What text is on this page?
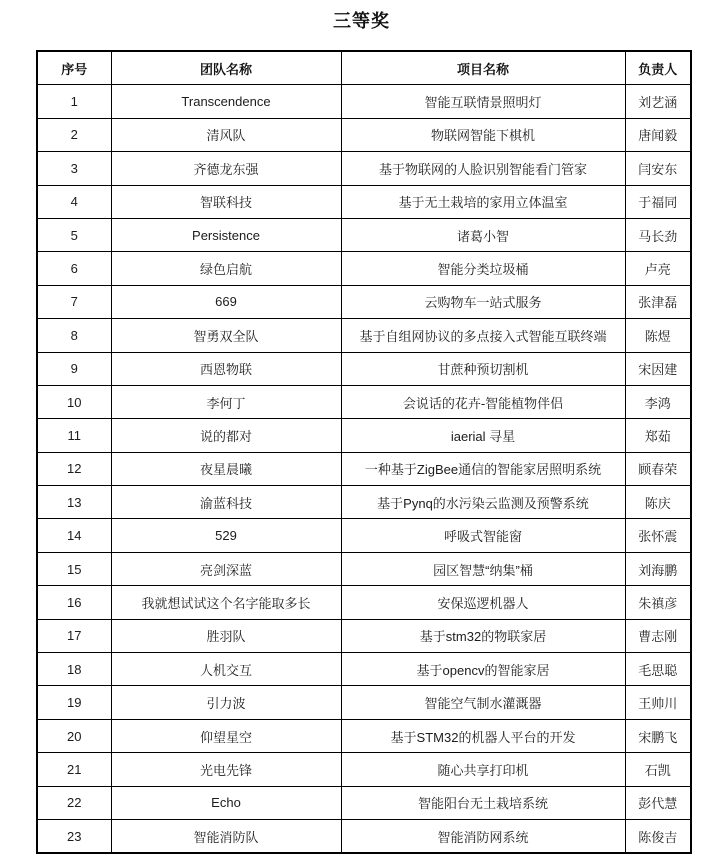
三等奖
序号	团队名称	项目名称	负责人
1	Transcendence	智能互联情景照明灯	刘艺涵
2	清风队	物联网智能下棋机	唐闻毅
3	齐德龙东强	基于物联网的人脸识别智能看门管家	闫安东
4	智联科技	基于无土栽培的家用立体温室	于福同
5	Persistence	诸葛小智	马长劲
6	绿色启航	智能分类垃圾桶	卢亮
7	669	云购物车一站式服务	张津磊
8	智勇双全队	基于自组网协议的多点接入式智能互联终端	陈煜
9	西恩物联	甘蔗种预切割机	宋因建
10	李何丁	会说话的花卉-智能植物伴侣	李鸿
11	说的都对	iaerial 寻星	郑茹
12	夜星晨曦	一种基于ZigBee通信的智能家居照明系统	顾春荣
13	渝蓝科技	基于Pynq的水污染云监测及预警系统	陈庆
14	529	呼吸式智能窗	张怀震
15	亮剑深蓝	园区智慧“纳集”桶	刘海鹏
16	我就想试试这个名字能取多长	安保巡逻机器人	朱禛彦
17	胜羽队	基于stm32的物联家居	曹志刚
18	人机交互	基于opencv的智能家居	毛思聪
19	引力波	智能空气制水灌溉器	王帅川
20	仰望星空	基于STM32的机器人平台的开发	宋鹏飞
21	光电先锋	随心共享打印机	石凯
22	Echo	智能阳台无土栽培系统	彭代慧
23	智能消防队	智能消防网系统	陈俊吉
